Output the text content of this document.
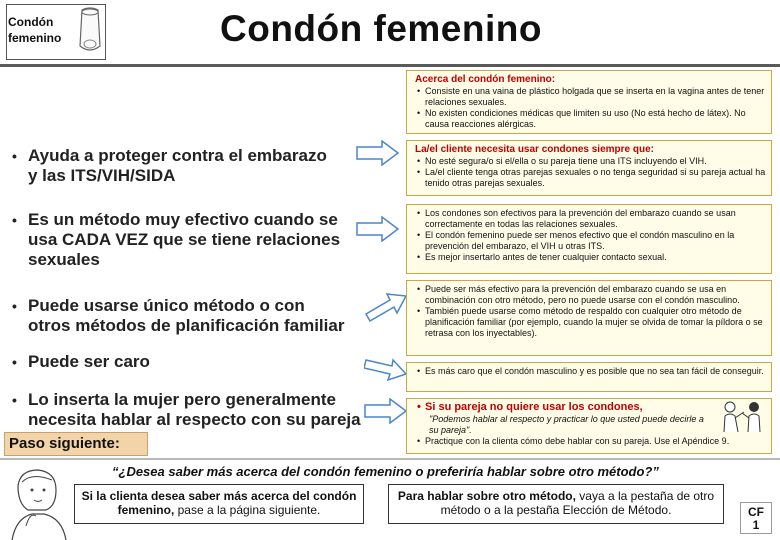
Condón
femenino	Condón femenino
• Ayuda a proteger contra el embarazo
y las ITS/VIH/SIDA
• Es un método muy efectivo cuando se
usa CADA VEZ que se tiene relaciones
sexuales
• Puede usarse único método o con
otros métodos de planificación familiar
• Puede ser caro
• Lo inserta la mujer pero generalmente
necesita hablar al respecto con su pareja
Acerca del condón femenino:
• Consiste en una vaina de plástico holgada que se inserta en la vagina antes de tener relaciones sexuales.
• No existen condiciones médicas que limiten su uso (No está hecho de látex). No causa reacciones alérgicas.
La/el cliente necesita usar condones siempre que:
• No esté segura/o si el/ella o su pareja tiene una ITS incluyendo el VIH.
• La/el cliente tenga otras parejas sexuales o no tenga seguridad si su pareja actual ha tenido otras parejas sexuales.
• Los condones son efectivos para la prevención del embarazo cuando se usan correctamente en todas las relaciones sexuales.
• El condón femenino puede ser menos efectivo que el condón masculino en la prevención del embarazo, el VIH u otras ITS.
• Es mejor insertarlo antes de tener cualquier contacto sexual.
• Puede ser más efectivo para la prevención del embarazo cuando se usa en combinación con otro método, pero no puede usarse con el condón masculino.
• También puede usarse como método de respaldo con cualquier otro método de planificación familiar (por ejemplo, cuando la mujer se olvida de tomar la píldora o se retrasa con los inyectables).
• Es más caro que el condón masculino y es posible que no sea tan fácil de conseguir.
• Si su pareja no quiere usar los condones,
"Podemos hablar al respecto y practicar lo que usted puede decirle a su pareja".
• Practique con la clienta cómo debe hablar con su pareja. Use el Apéndice 9.
Paso siguiente:
“¿Desea saber más acerca del condón femenino o preferiría hablar sobre otro método?”
Si la clienta desea saber más acerca del condón femenino, pase a la página siguiente.
Para hablar sobre otro método, vaya a la pestaña de otro método o a la pestaña Elección de Método.	CF
1
